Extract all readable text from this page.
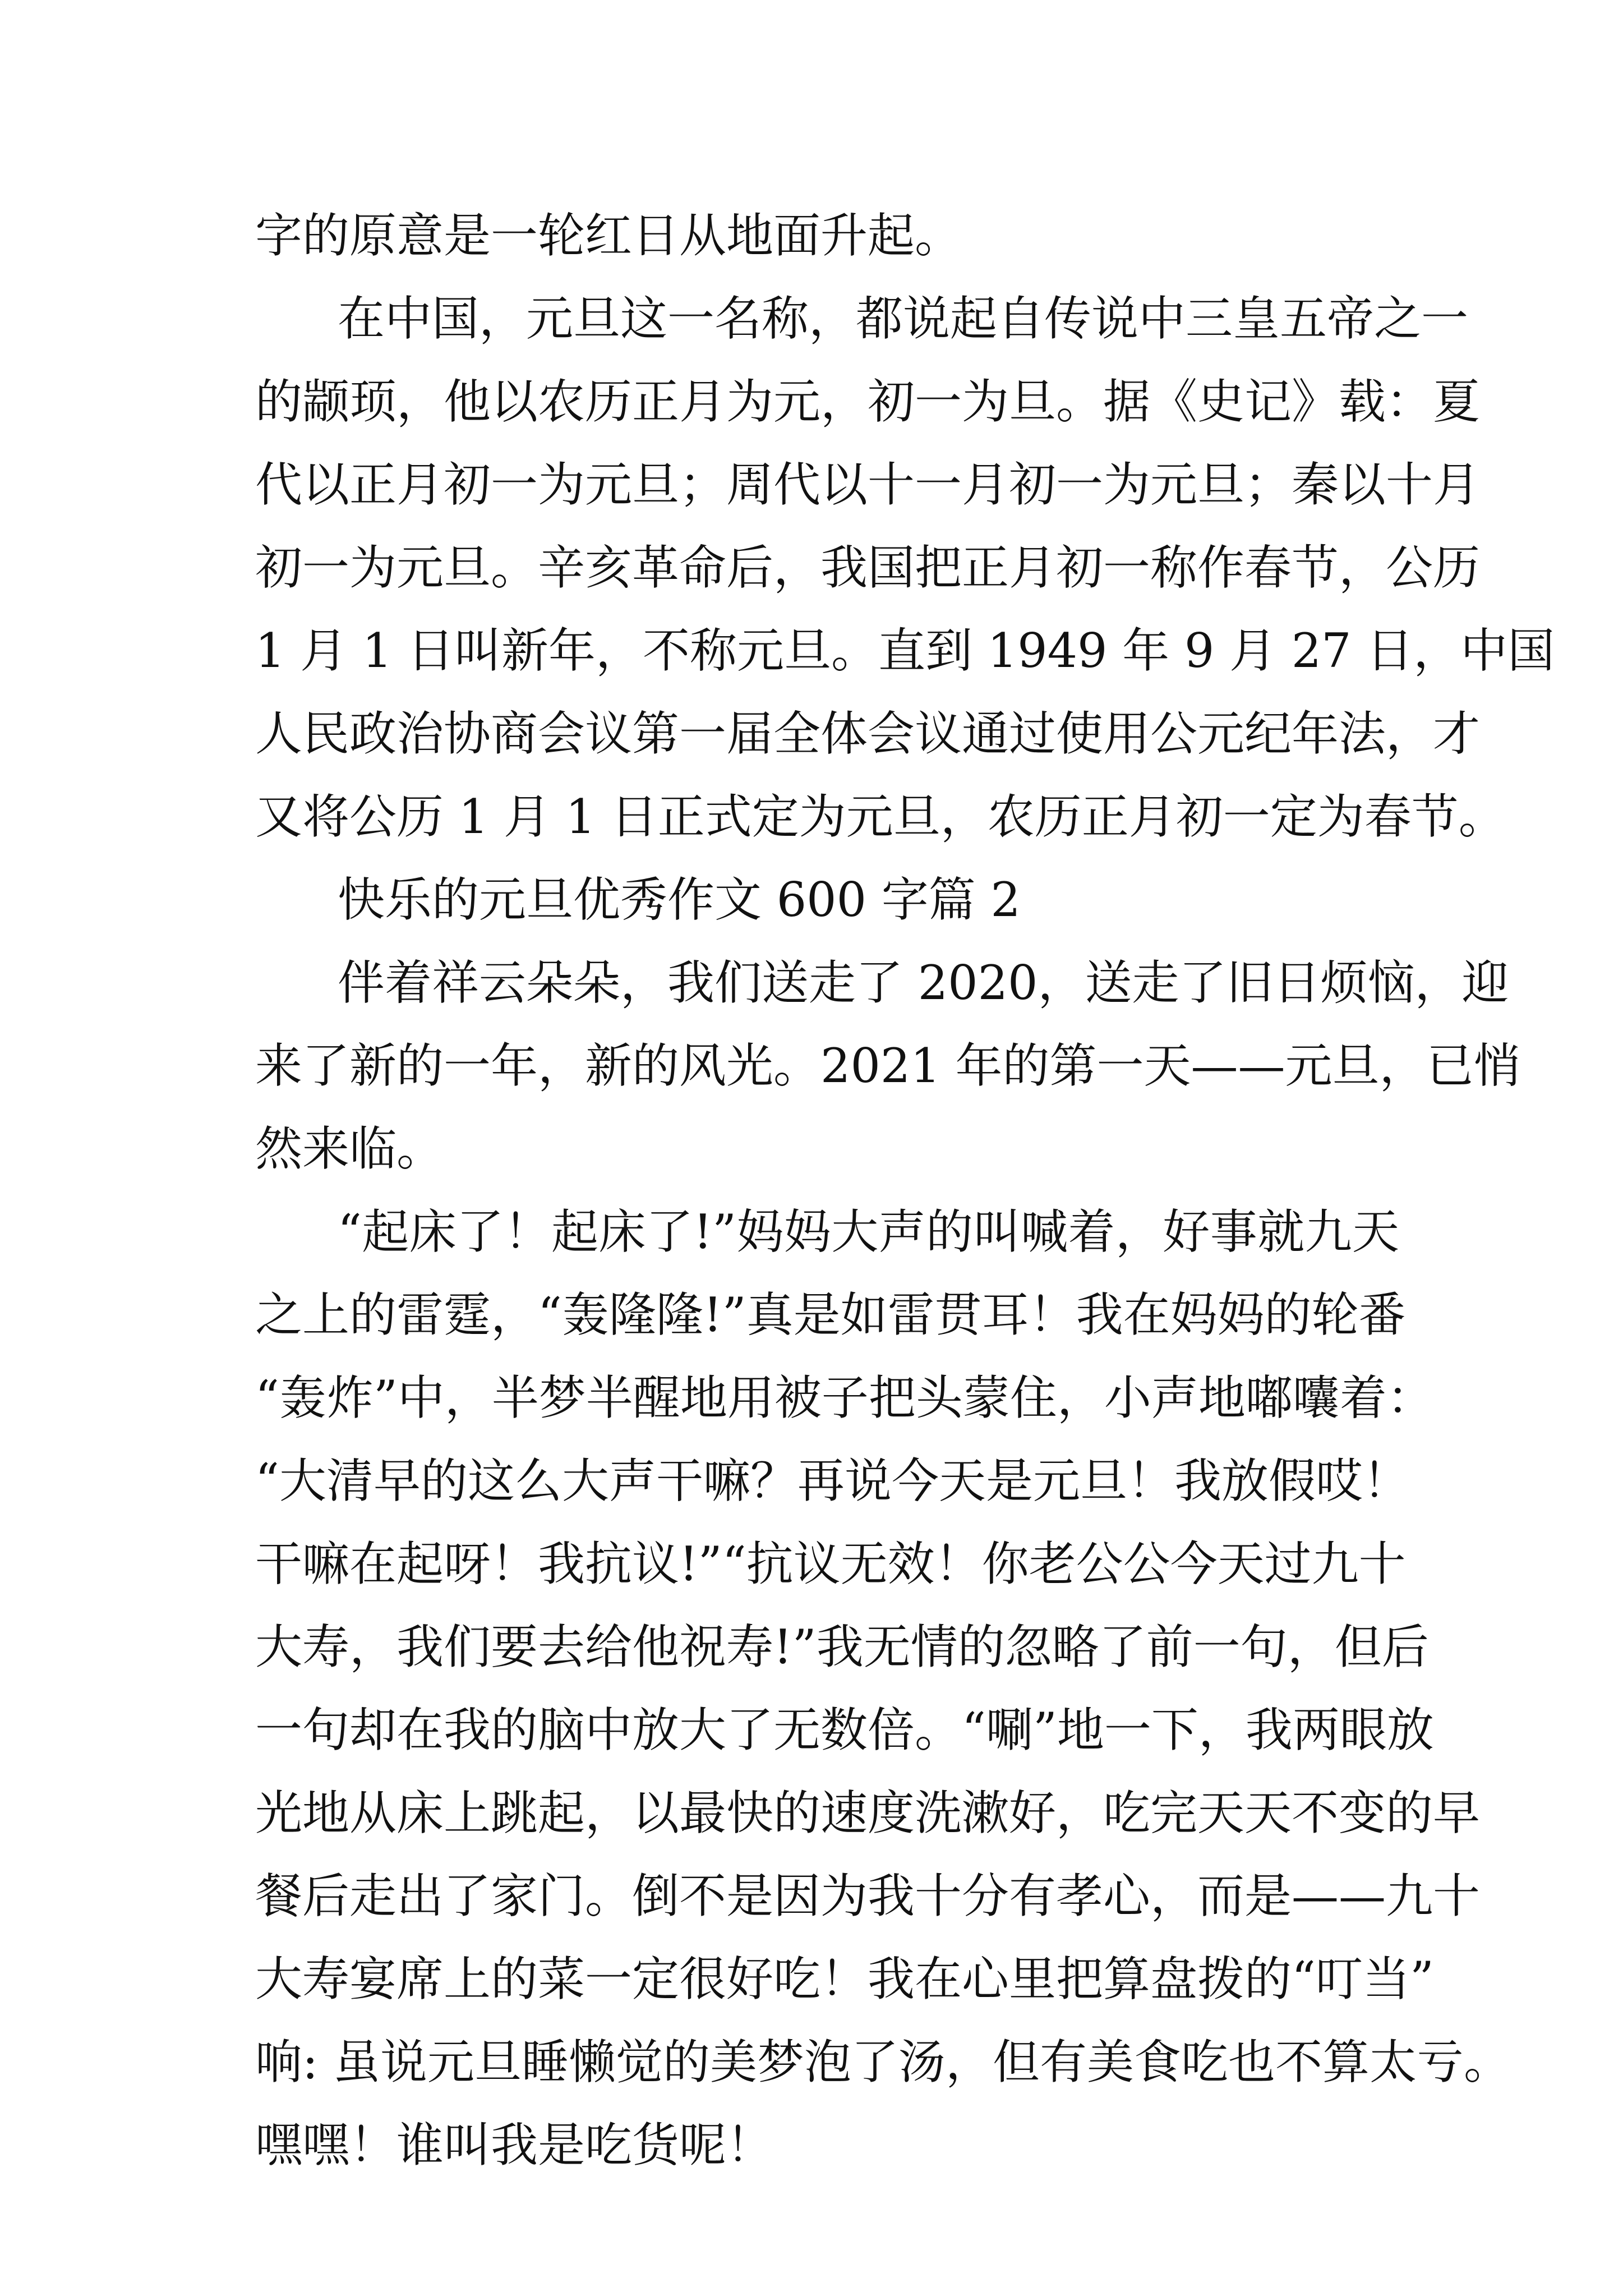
字的原意是一轮红日从地面升起。
在中国，元旦这一名称，都说起自传说中三皇五帝之一
的颛顼，他以农历正月为元，初一为旦。据《史记》载：夏
代以正月初一为元旦；周代以十一月初一为元旦；秦以十月
初一为元旦。辛亥革命后，我国把正月初一称作春节，公历
1 月 1 日叫新年，不称元旦。直到 1949 年 9 月 27 日，中国
人民政治协商会议第一届全体会议通过使用公元纪年法，才
又将公历 1 月 1 日正式定为元旦，农历正月初一定为春节。
快乐的元旦优秀作文 600 字篇 2
伴着祥云朵朵，我们送走了 2020，送走了旧日烦恼，迎
来了新的一年，新的风光。2021 年的第一天——元旦，已悄
然来临。
“起床了！起床了!”妈妈大声的叫喊着，好事就九天
之上的雷霆，“轰隆隆!”真是如雷贯耳！我在妈妈的轮番
“轰炸”中，半梦半醒地用被子把头蒙住，小声地嘟囔着：
“大清早的这么大声干嘛？再说今天是元旦！我放假哎！
干嘛在起呀！我抗议!”“抗议无效！你老公公今天过九十
大寿，我们要去给他祝寿!”我无情的忽略了前一句，但后
一句却在我的脑中放大了无数倍。“唰”地一下，我两眼放
光地从床上跳起，以最快的速度洗漱好，吃完天天不变的早
餐后走出了家门。倒不是因为我十分有孝心，而是——九十
大寿宴席上的菜一定很好吃！我在心里把算盘拨的“叮当”
响: 虽说元旦睡懒觉的美梦泡了汤，但有美食吃也不算太亏。
嘿嘿！谁叫我是吃货呢！
